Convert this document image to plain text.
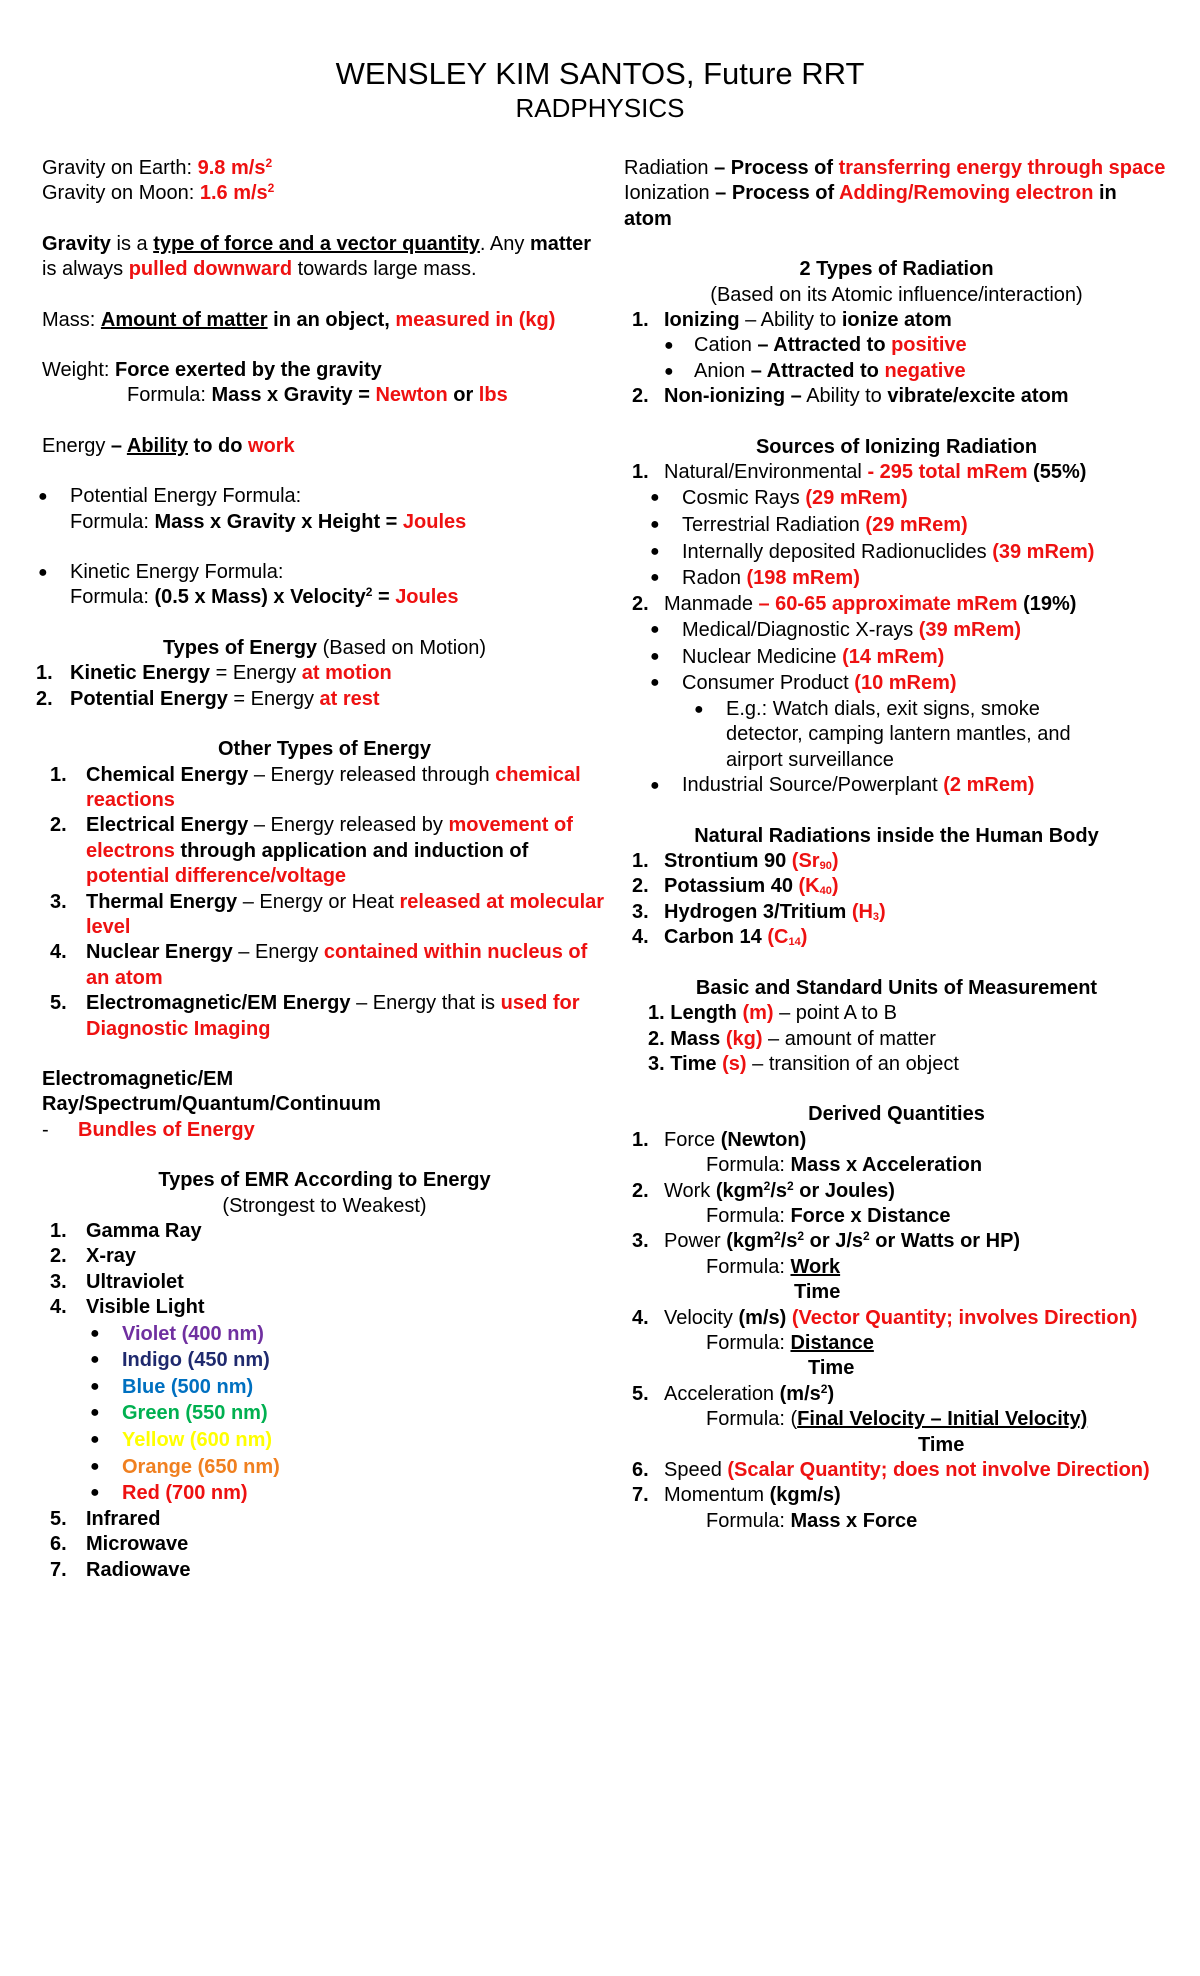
WENSLEY KIM SANTOS, Future RRT
RADPHYSICS
Gravity on Earth: 9.8 $m/s^2$
Gravity on Moon: 1.6 $m/s^2$
Gravity is a type of force and a vector quantity. Any matter is always pulled downward towards large mass.
Mass: Amount of matter in an object, measured in (kg)
Weight: Force exerted by the gravity
Formula: Mass x Gravity = Newton or lbs
Energy – Ability to do work
● Potential Energy Formula:
Formula: Mass x Gravity x Height = Joules
● Kinetic Energy Formula:
Formula: (0.5 x Mass) x Velocity$^2$ = Joules
Types of Energy (Based on Motion)
1. Kinetic Energy = Energy at motion
2. Potential Energy = Energy at rest
Other Types of Energy
1. Chemical Energy – Energy released through chemical reactions
2. Electrical Energy – Energy released by movement of electrons through application and induction of potential difference/voltage
3. Thermal Energy – Energy or Heat released at molecular level
4. Nuclear Energy – Energy contained within nucleus of an atom
5. Electromagnetic/EM Energy – Energy that is used for Diagnostic Imaging
Electromagnetic/EM Ray/Spectrum/Quantum/Continuum
- Bundles of Energy
Types of EMR According to Energy
(Strongest to Weakest)
1. Gamma Ray
2. X-ray
3. Ultraviolet
4. Visible Light
● Violet (400 nm)
● Indigo (450 nm)
● Blue (500 nm)
● Green (550 nm)
● Yellow (600 nm)
● Orange (650 nm)
● Red (700 nm)
5. Infrared
6. Microwave
7. Radiowave
Radiation – Process of transferring energy through space
Ionization – Process of Adding/Removing electron in atom
2 Types of Radiation
(Based on its Atomic influence/interaction)
1. Ionizing – Ability to ionize atom
● Cation – Attracted to positive
● Anion – Attracted to negative
2. Non-ionizing – Ability to vibrate/excite atom
Sources of Ionizing Radiation
1. Natural/Environmental - 295 total mRem (55%)
● Cosmic Rays (29 mRem)
● Terrestrial Radiation (29 mRem)
● Internally deposited Radionuclides (39 mRem)
● Radon (198 mRem)
2. Manmade – 60-65 approximate mRem (19%)
● Medical/Diagnostic X-rays (39 mRem)
● Nuclear Medicine (14 mRem)
● Consumer Product (10 mRem)
● E.g.: Watch dials, exit signs, smoke detector, camping lantern mantles, and airport surveillance
● Industrial Source/Powerplant (2 mRem)
Natural Radiations inside the Human Body
1. Strontium 90 $(Sr_{90})$
2. Potassium 40 $(K_{40})$
3. Hydrogen 3/Tritium $(H_3)$
4. Carbon 14 $(C_{14})$
Basic and Standard Units of Measurement
1. Length (m) – point A to B
2. Mass (kg) – amount of matter
3. Time (s) – transition of an object
Derived Quantities
1. Force (Newton)
Formula: Mass x Acceleration
2. Work ($kgm^2/s^2$ or Joules)
Formula: Force x Distance
3. Power ($kgm^2/s^2$ or $J/s^2$ or Watts or HP)
Formula: Work
Time
4. Velocity (m/s) (Vector Quantity; involves Direction)
Formula: Distance
Time
5. Acceleration $(m/s^2)$
Formula: (Final Velocity – Initial Velocity)
Time
6. Speed (Scalar Quantity; does not involve Direction)
7. Momentum (kgm/s)
Formula: Mass x Force
